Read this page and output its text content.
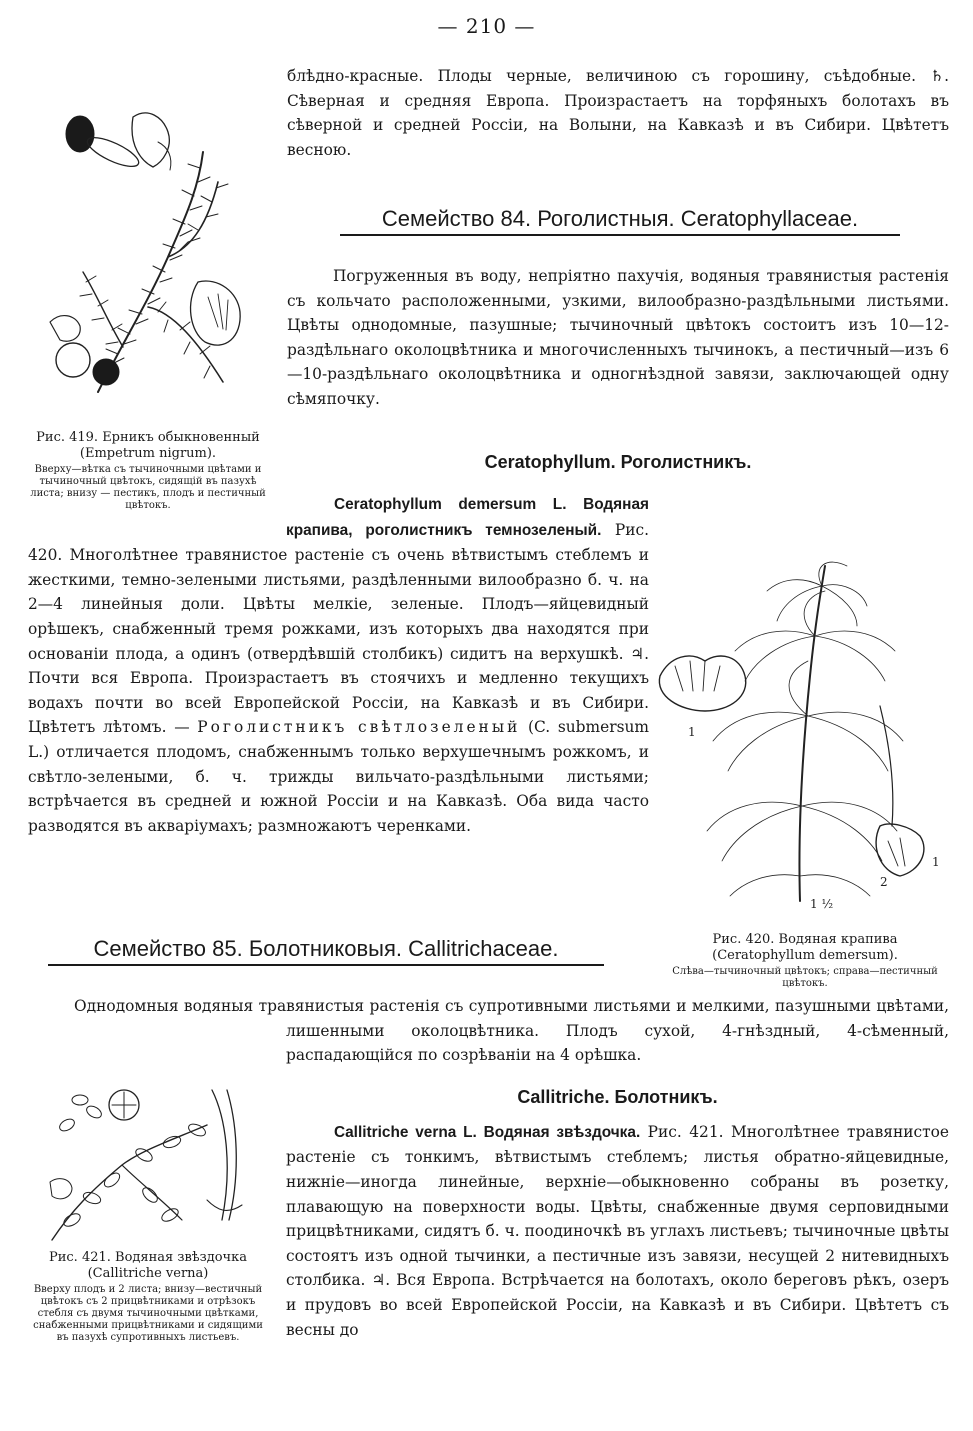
— 210 —

Рис. 419. Ерникъ обыкновенный (Empetrum nigrum).

Вверху—вѣтка съ тычиночными цвѣтами и тычиночный цвѣтокъ, сидящій въ пазухѣ листа; внизу — пестикъ, плодъ и пестичный цвѣтокъ.

блѣдно-красные. Плоды черные, величиною съ горошину, съѣдобные. ♄. Сѣверная и средняя Европа. Произрастаетъ на торфяныхъ болотахъ въ сѣверной и средней Россіи, на Волыни, на Кавказѣ и въ Сибири. Цвѣтетъ весною.

Семейство 84. Роголистныя. Ceratophyllaceae.

Погруженныя въ воду, непріятно пахучія, водяныя травянистыя растенія съ кольчато расположенными, узкими, вилообразно-раздѣльными листьями. Цвѣты однодомные, пазушные; тычиночный цвѣтокъ состоитъ изъ 10—12-раздѣльнаго околоцвѣтника и многочисленныхъ тычинокъ, а пестичный—изъ 6—10-раздѣльнаго околоцвѣтника и одногнѣздной завязи, заключающей одну сѣмяпочку.

Ceratophyllum. Роголистникъ.

Ceratophyllum demersum L. Водяная крапива, роголистникъ темнозеленый. Рис. 420. Многолѣтнее травянистое растеніе съ очень вѣтвистымъ стеблемъ и жесткими, темно-зелеными листьями, раздѣленными вилообразно б. ч. на 2—4 линейныя доли. Цвѣты мелкіе, зеленые. Плодъ—яйцевидный орѣшекъ, снабженный тремя рожками, изъ которыхъ два находятся при основаніи плода, а одинъ (отвердѣвшій столбикъ) сидитъ на верхушкѣ. ♃. Почти вся Европа. Произрастаетъ въ стоячихъ и медленно текущихъ водахъ почти во всей Европейской Россіи, на Кавказѣ и въ Сибири. Цвѣтетъ лѣтомъ. — Роголистникъ свѣтлозеленый (C. submersum L.) отличается плодомъ, снабженнымъ только верхушечнымъ рожкомъ, и свѣтло-зелеными, б. ч. трижды вильчато-раздѣльными листьями; встрѣчается въ средней и южной Россіи и на Кавказѣ. Оба вида часто разводятся въ акваріумахъ; размножаютъ черенками.

1
1
2
1 ½

Рис. 420. Водяная крапива (Ceratophyllum demersum).

Слѣва—тычиночный цвѣтокъ; справа—пестичный цвѣтокъ.

Семейство 85. Болотниковыя. Callitrichaceae.

Однодомныя водяныя травянистыя растенія съ супротивными листьями и мелкими, пазушными цвѣтами, лишенными околоцвѣтника. Плодъ сухой, 4-гнѣздный, 4-сѣменный, распадающійся по созрѣваніи на 4 орѣшка.

Callitriche. Болотникъ.

Callitriche verna L. Водяная звѣздочка. Рис. 421. Многолѣтнее травянистое растеніе съ тонкимъ, вѣтвистымъ стеблемъ; листья обратно-яйцевидные, нижніе—иногда линейные, верхніе—обыкновенно собраны въ розетку, плавающую на поверхности воды. Цвѣты, снабженные двумя серповидными прицвѣтниками, сидятъ б. ч. поодиночкѣ въ углахъ листьевъ; тычиночные цвѣты состоятъ изъ одной тычинки, а пестичные изъ завязи, несущей 2 нитевидныхъ столбика. ♃. Вся Европа. Встрѣчается на болотахъ, около береговъ рѣкъ, озеръ и прудовъ во всей Европейской Россіи, на Кавказѣ и въ Сибири. Цвѣтетъ съ весны до

Рис. 421. Водяная звѣздочка (Callitriche verna)

Вверху плодъ и 2 листа; внизу—вестичный цвѣтокъ съ 2 прицвѣтниками и отрѣзокъ стебля съ двумя тычиночными цвѣтками, снабженными прицвѣтниками и сидящими въ пазухѣ супротивныхъ листьевъ.
